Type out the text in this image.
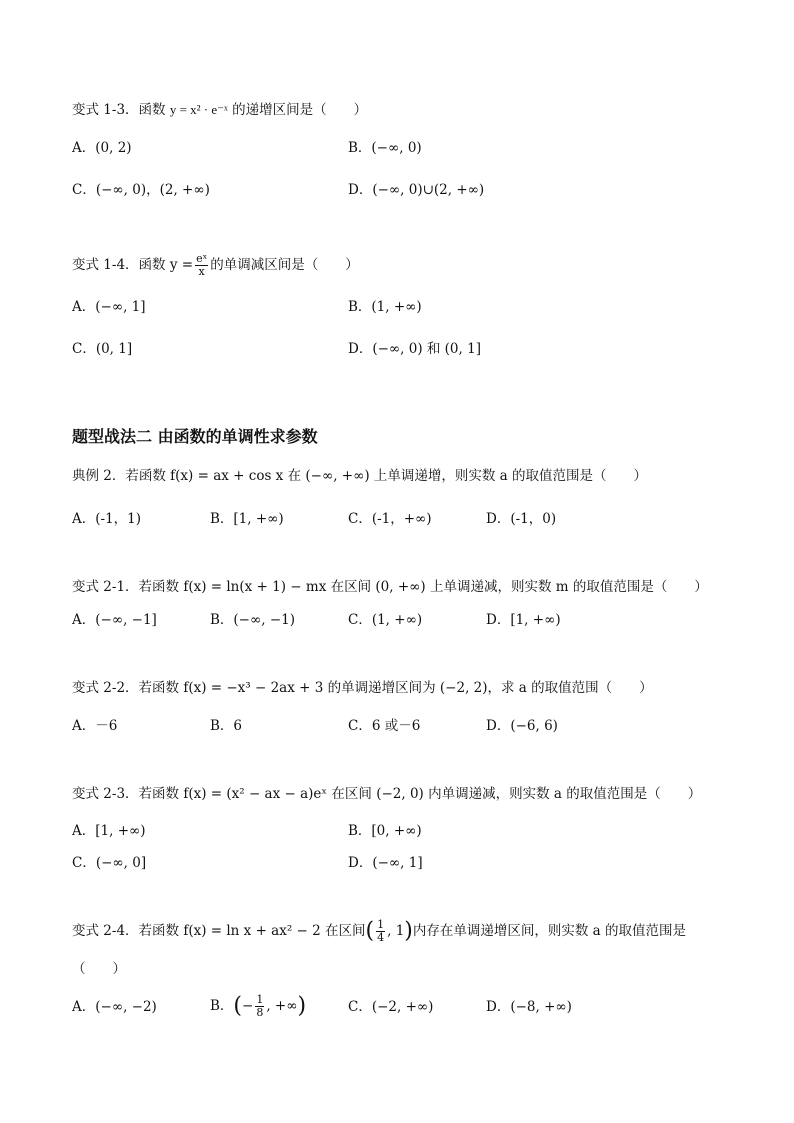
变式 1-3．函数 y = x² · e⁻ˣ 的递增区间是（　　）
A．(0, 2)	B．(−∞, 0)
C．(−∞, 0)，(2, +∞)	D．(−∞, 0)∪(2, +∞)
变式 1-4．函数 $y = \frac{\text{eˣ}}{x}$ 的单调减区间是（　　）
A．(−∞, 1]	B．(1, +∞)
C．(0, 1]	D．(−∞, 0) 和 (0, 1]
题型战法二 由函数的单调性求参数
典例 2．若函数 f(x) = ax + cos x 在 (−∞, +∞) 上单调递增，则实数 a 的取值范围是（　　）
A．(-1，1)	B．[1, +∞)	C．(-1，+∞)	D．(-1，0)
变式 2-1．若函数 f(x) = ln(x + 1) − mx 在区间 (0, +∞) 上单调递减，则实数 m 的取值范围是（　　）
A．(−∞, −1]	B．(−∞, −1)	C．(1, +∞)	D．[1, +∞)
变式 2-2．若函数 f(x) = −x³ − 2ax + 3 的单调递增区间为 (−2, 2)，求 a 的取值范围（　　）
A．－6	B．6	C．6 或－6	D．(−6, 6)
变式 2-3．若函数 f(x) = (x² − ax − a)eˣ 在区间 (−2, 0) 内单调递减，则实数 a 的取值范围是（　　）
A．[1, +∞)	B．[0, +∞)
C．(−∞, 0]	D．(−∞, 1]
变式 2-4．若函数 f(x) = ln x + ax² − 2 在区间( $\frac{1}{4}$ , 1)内存在单调递增区间，则实数 a 的取值范围是
（　　）
A．(−∞, −2)	B．(− $\frac{1}{8}$ , +∞)	C．(−2, +∞)	D．(−8, +∞)
